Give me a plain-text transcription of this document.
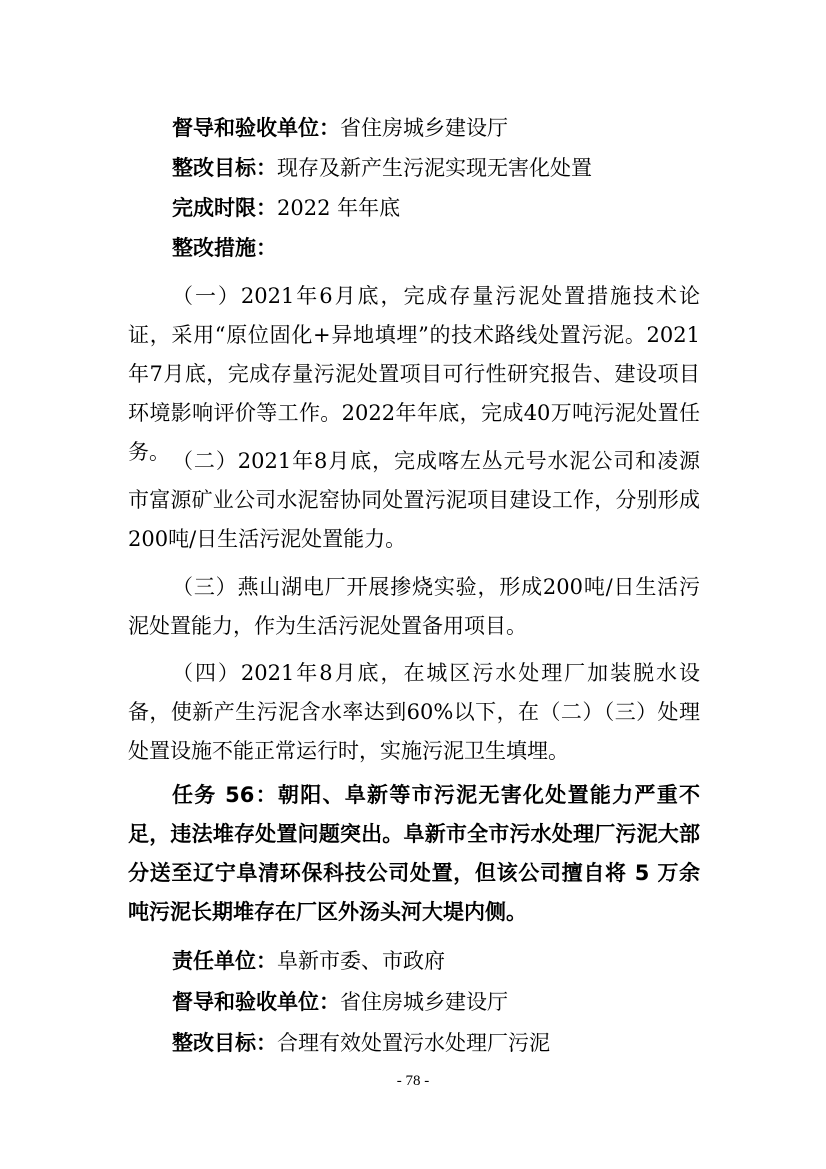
督导和验收单位：省住房城乡建设厅
整改目标：现存及新产生污泥实现无害化处置
完成时限：2022 年年底
整改措施：
（一）2021年6月底，完成存量污泥处置措施技术论证，采用“原位固化+异地填埋”的技术路线处置污泥。2021年7月底，完成存量污泥处置项目可行性研究报告、建设项目环境影响评价等工作。2022年年底，完成40万吨污泥处置任务。 （二）2021年8月底，完成喀左丛元号水泥公司和凌源市富源矿业公司水泥窑协同处置污泥项目建设工作，分别形成200吨/日生活污泥处置能力。
（三）燕山湖电厂开展掺烧实验，形成200吨/日生活污泥处置能力，作为生活污泥处置备用项目。
（四）2021年8月底，在城区污水处理厂加装脱水设备，使新产生污泥含水率达到60%以下，在（二）（三）处理处置设施不能正常运行时，实施污泥卫生填埋。
任务 56：朝阳、阜新等市污泥无害化处置能力严重不足，违法堆存处置问题突出。阜新市全市污水处理厂污泥大部分送至辽宁阜清环保科技公司处置，但该公司擅自将 5 万余吨污泥长期堆存在厂区外汤头河大堤内侧。
责任单位：阜新市委、市政府
督导和验收单位：省住房城乡建设厅
整改目标：合理有效处置污水处理厂污泥
- 78 -
